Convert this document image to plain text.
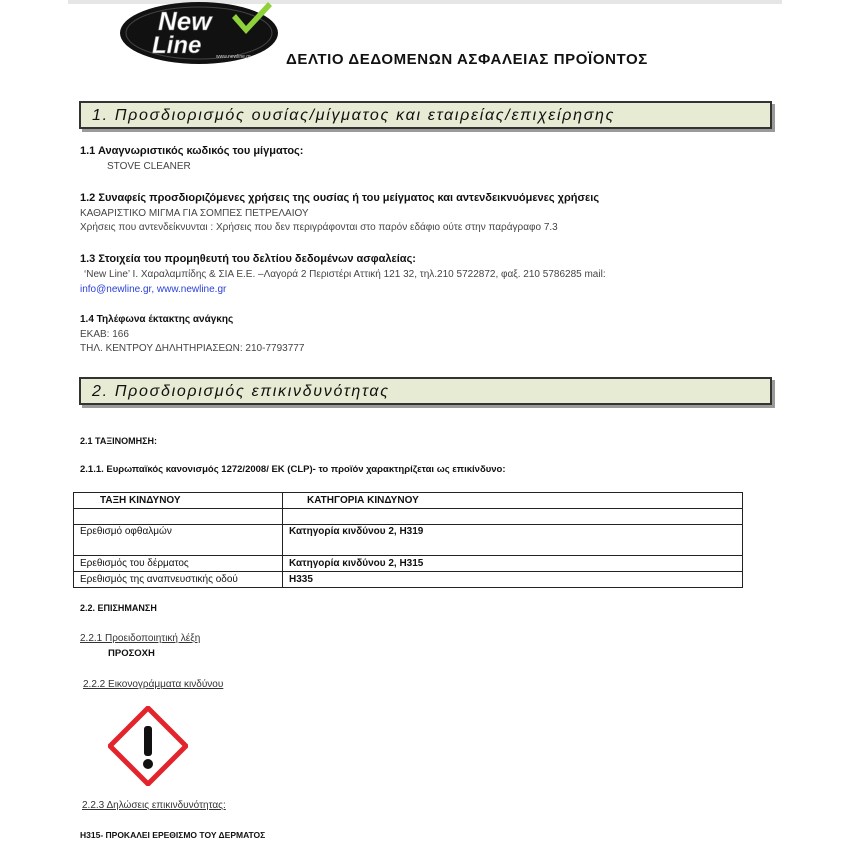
New
Line	www.newline.gr ΔΕΛΤΙΟ ΔΕΔΟΜΕΝΩΝ ΑΣΦΑΛΕΙΑΣ ΠΡΟΪΟΝΤΟΣ
1. Προσδιορισμός ουσίας/μίγματος και εταιρείας/επιχείρησης
1.1 Αναγνωριστικός κωδικός του μίγματος:
STOVE CLEANER
1.2 Συναφείς προσδιοριζόμενες χρήσεις της ουσίας ή του μείγματος και αντενδεικνυόμενες χρήσεις
ΚΑΘΑΡΙΣΤΙΚΟ ΜΙΓΜΑ ΓΙΑ ΣΟΜΠΕΣ ΠΕΤΡΕΛΑΙΟΥ
Χρήσεις που αντενδείκνυνται : Χρήσεις που δεν περιγράφονται στο παρόν εδάφιο ούτε στην παράγραφο 7.3
1.3 Στοιχεία του προμηθευτή του δελτίου δεδομένων ασφαλείας:
‘New Line’ Ι. Χαραλαμπίδης & ΣΙΑ Ε.Ε. –Λαγορά 2 Περιστέρι Αττική 121 32, τηλ.210 5722872, φαξ. 210 5786285 mail:
info@newline.gr, www.newline.gr
1.4 Τηλέφωνα έκτακτης ανάγκης
ΕΚΑΒ: 166
ΤΗΛ. ΚΕΝΤΡΟΥ ΔΗΛΗΤΗΡΙΑΣΕΩΝ: 210-7793777
2. Προσδιορισμός επικινδυνότητας
2.1 ΤΑΞΙΝΟΜΗΣΗ:
2.1.1. Ευρωπαϊκός κανονισμός 1272/2008/ ΕΚ (CLP)- το προϊόν χαρακτηρίζεται ως επικίνδυνο:
ΤΑΞΗ ΚΙΝΔΥΝΟΥ	ΚΑΤΗΓΟΡΙΑ ΚΙΝΔΥΝΟΥ

Ερεθισμό οφθαλμών	Κατηγορία κινδύνου 2, H319
Ερεθισμός του δέρματος	Κατηγορία κινδύνου 2, H315
Ερεθισμός της αναπνευστικής οδού	H335
2.2. ΕΠΙΣΗΜΑΝΣΗ
2.2.1 Προειδοποιητική λέξη
ΠΡΟΣΟΧΗ
2.2.2 Εικονογράμματα κινδύνου
2.2.3 Δηλώσεις επικινδυνότητας:
H315- ΠΡΟΚΑΛΕΙ ΕΡΕΘΙΣΜΟ ΤΟΥ ΔΕΡΜΑΤΟΣ
